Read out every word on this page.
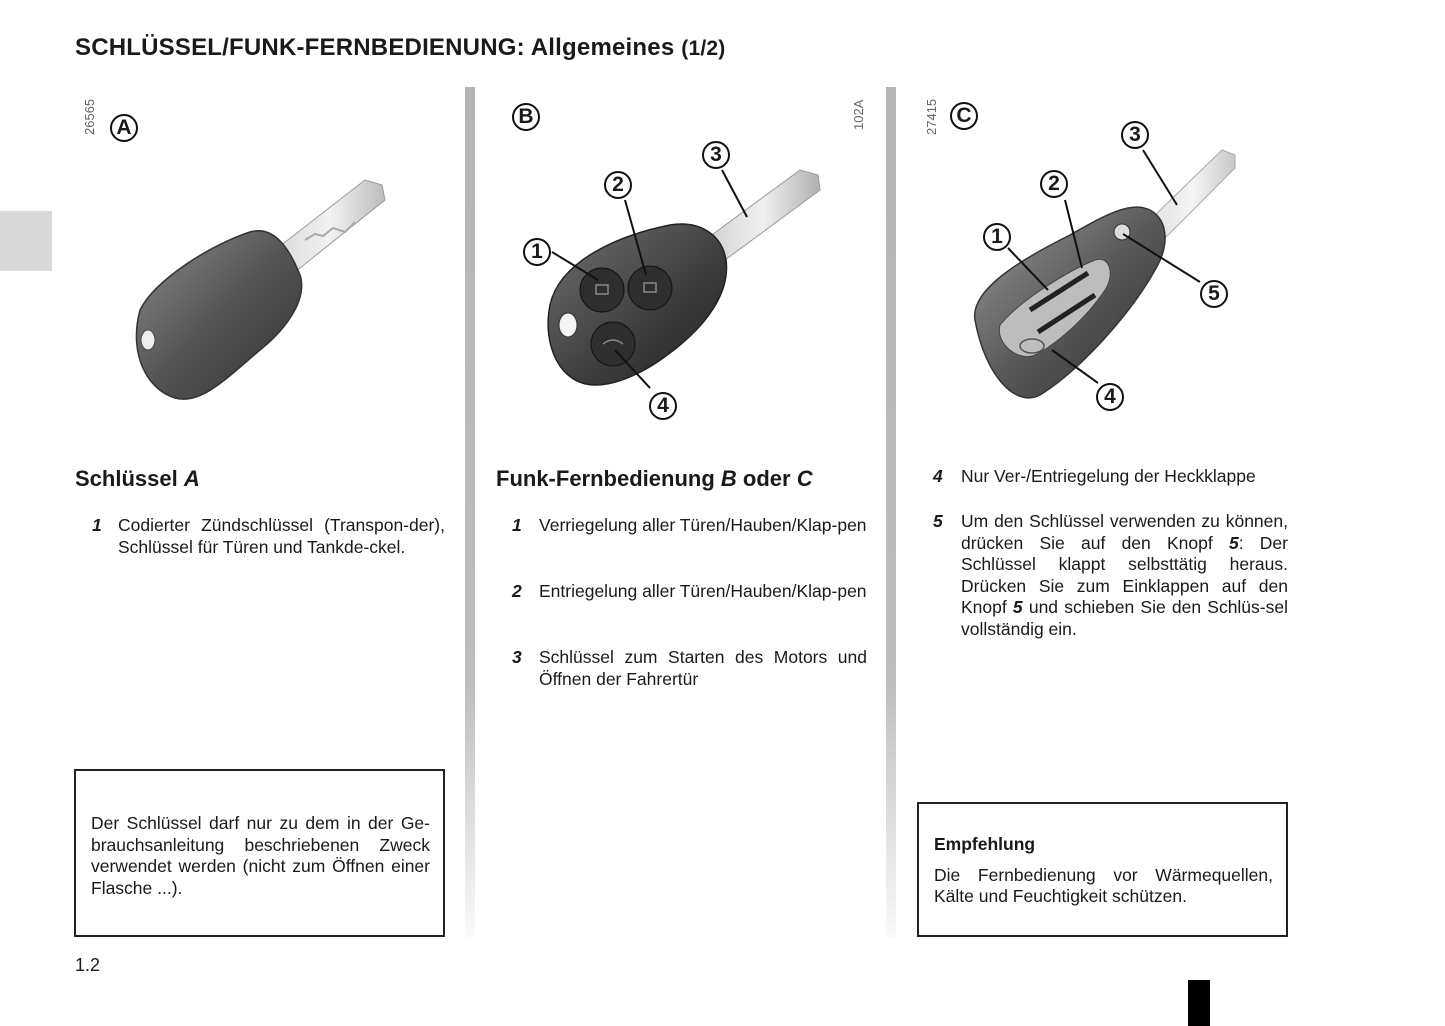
SCHLÜSSEL/FUNK-FERNBEDIENUNG: Allgemeines (1/2)
26565 A
Schlüssel A
1 Codierter Zündschlüssel (Transpon-der), Schlüssel für Türen und Tankde-ckel.
Der Schlüssel darf nur zu dem in der Ge-brauchsanleitung beschriebenen Zweck verwendet werden (nicht zum Öffnen einer Flasche ...).
B	102A
1
2
3
4
Funk-Fernbedienung B oder C
1 Verriegelung aller Türen/Hauben/Klap-pen
2 Entriegelung aller Türen/Hauben/Klap-pen
3 Schlüssel zum Starten des Motors und Öffnen der Fahrertür
27415 C
1
2
3
4
5
4 Nur Ver-/Entriegelung der Heckklappe
5 Um den Schlüssel verwenden zu können, drücken Sie auf den Knopf 5: Der Schlüssel klappt selbsttätig heraus. Drücken Sie zum Einklappen auf den Knopf 5 und schieben Sie den Schlüs-sel vollständig ein.
Empfehlung
Die Fernbedienung vor Wärmequellen, Kälte und Feuchtigkeit schützen.
1.2
